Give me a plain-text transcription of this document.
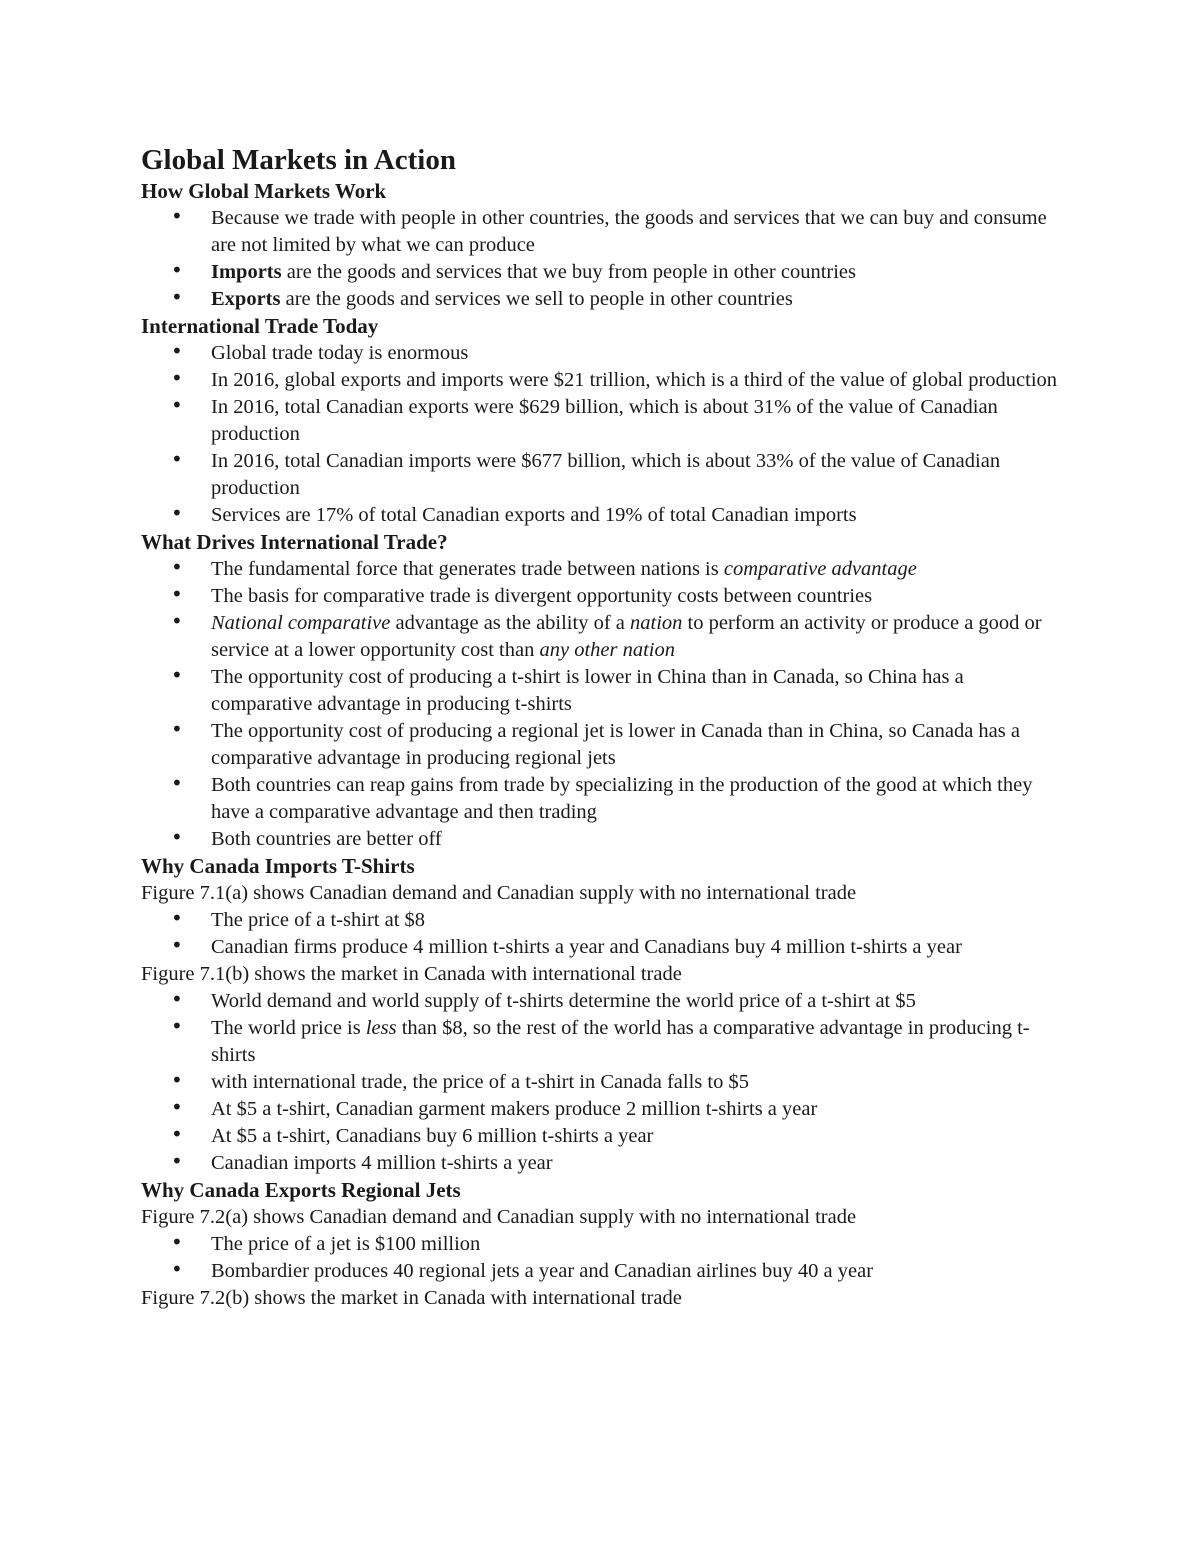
Global Markets in Action
How Global Markets Work
• Because we trade with people in other countries, the goods and services that we can buy and consume are not limited by what we can produce
• Imports are the goods and services that we buy from people in other countries
• Exports are the goods and services we sell to people in other countries
International Trade Today
• Global trade today is enormous
• In 2016, global exports and imports were $21 trillion, which is a third of the value of global production
• In 2016, total Canadian exports were $629 billion, which is about 31% of the value of Canadian production
• In 2016, total Canadian imports were $677 billion, which is about 33% of the value of Canadian production
• Services are 17% of total Canadian exports and 19% of total Canadian imports
What Drives International Trade?
• The fundamental force that generates trade between nations is comparative advantage
• The basis for comparative trade is divergent opportunity costs between countries
• National comparative advantage as the ability of a nation to perform an activity or produce a good or service at a lower opportunity cost than any other nation
• The opportunity cost of producing a t-shirt is lower in China than in Canada, so China has a comparative advantage in producing t-shirts
• The opportunity cost of producing a regional jet is lower in Canada than in China, so Canada has a comparative advantage in producing regional jets
• Both countries can reap gains from trade by specializing in the production of the good at which they have a comparative advantage and then trading
• Both countries are better off
Why Canada Imports T-Shirts

Figure 7.1(a) shows Canadian demand and Canadian supply with no international trade

• The price of a t-shirt at $8
• Canadian firms produce 4 million t-shirts a year and Canadians buy 4 million t-shirts a year

Figure 7.1(b) shows the market in Canada with international trade

• World demand and world supply of t-shirts determine the world price of a t-shirt at $5
• The world price is less than $8, so the rest of the world has a comparative advantage in producing t-shirts
• with international trade, the price of a t-shirt in Canada falls to $5
• At $5 a t-shirt, Canadian garment makers produce 2 million t-shirts a year
• At $5 a t-shirt, Canadians buy 6 million t-shirts a year
• Canadian imports 4 million t-shirts a year
Why Canada Exports Regional Jets

Figure 7.2(a) shows Canadian demand and Canadian supply with no international trade

• The price of a jet is $100 million
• Bombardier produces 40 regional jets a year and Canadian airlines buy 40 a year

Figure 7.2(b) shows the market in Canada with international trade
